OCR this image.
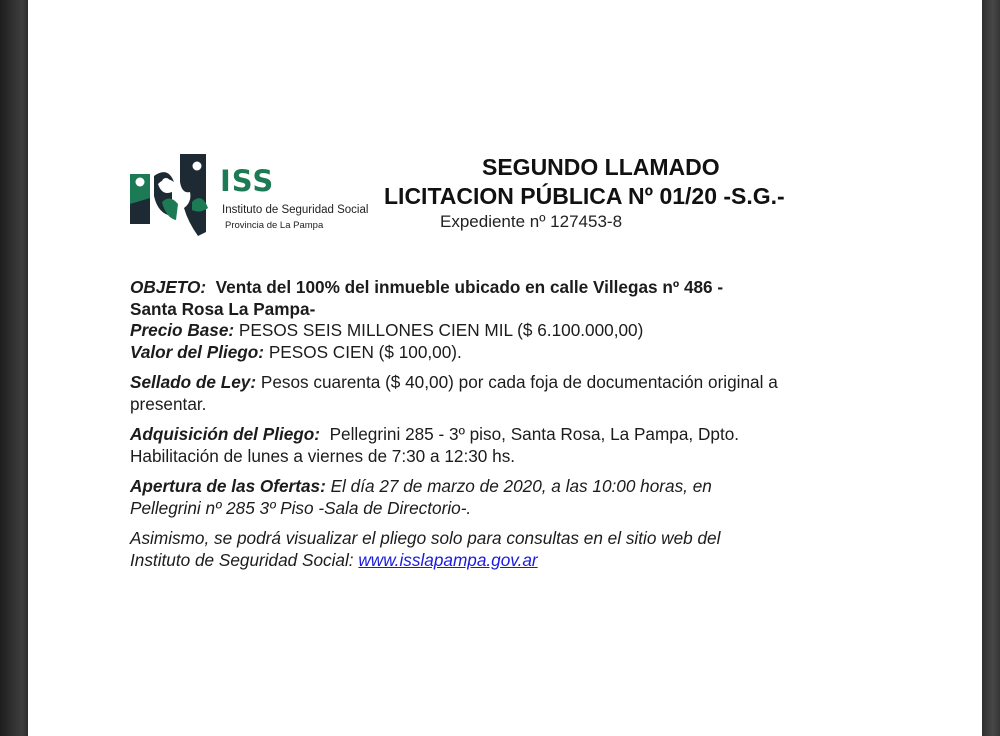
ISS
Instituto de Seguridad Social
Provincia de La Pampa
SEGUNDO LLAMADO
LICITACION PÚBLICA Nº 01/20 -S.G.-
Expediente nº 127453-8

OBJETO: Venta del 100% del inmueble ubicado en calle Villegas nº 486 -
Santa Rosa La Pampa-

Precio Base: PESOS SEIS MILLONES CIEN MIL ($ 6.100.000,00)

Valor del Pliego: PESOS CIEN ($ 100,00).

Sellado de Ley: Pesos cuarenta ($ 40,00) por cada foja de documentación original a
presentar.

Adquisición del Pliego: Pellegrini 285 - 3º piso, Santa Rosa, La Pampa, Dpto.
Habilitación de lunes a viernes de 7:30 a 12:30 hs.

Apertura de las Ofertas: El día 27 de marzo de 2020, a las 10:00 horas, en
Pellegrini nº 285 3º Piso -Sala de Directorio-.

Asimismo, se podrá visualizar el pliego solo para consultas en el sitio web del
Instituto de Seguridad Social: www.isslapampa.gov.ar
